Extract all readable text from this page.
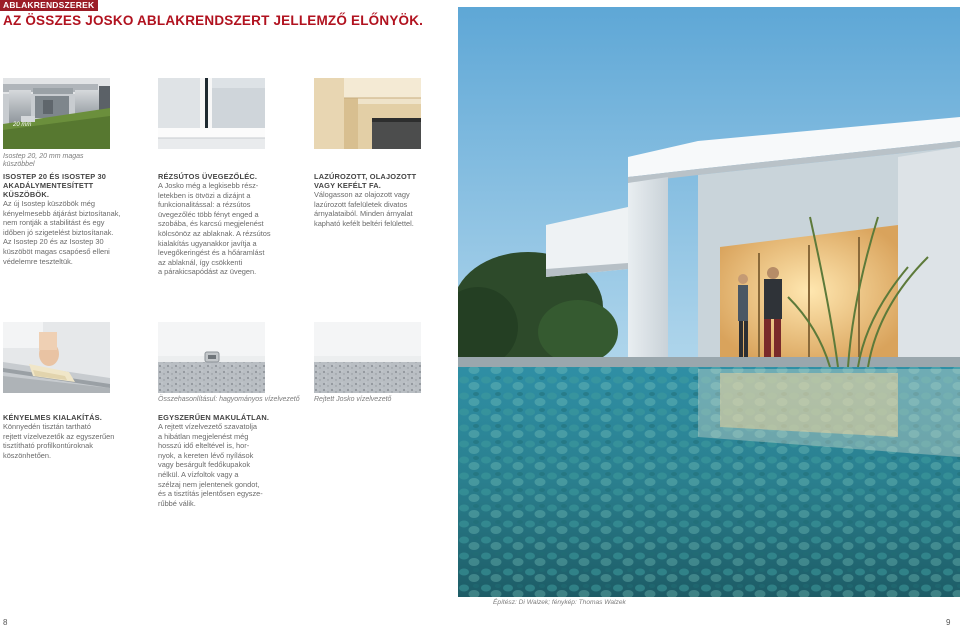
ABLAKRENDSZEREK
AZ ÖSSZES JOSKO ABLAKRENDSZERT JELLEMZŐ ELŐNYÖK.
20 mm
Isostep 20, 20 mm magas
küszöbbel
ISOSTEP 20 ÉS ISOSTEP 30
AKADÁLYMENTESÍTETT
KÜSZÖBÖK.
Az új Isostep küszöbök még
kényelmesebb átjárást biztosítanak,
nem rontják a stabilitást és egy
időben jó szigetelést biztosítanak.
Az Isostep 20 és az Isostep 30
küszöböt magas csapóeső elleni
védelemre teszteltük.
RÉZSÚTOS ÜVEGEZŐLÉC.
A Josko még a legkisebb rész-
letekben is ötvözi a dizájnt a
funkcionalitással: a rézsútos
üvegezőléc több fényt enged a
szobába, és karcsú megjelenést
kölcsönöz az ablaknak. A rézsútos
kialakítás ugyanakkor javítja a
levegőkeringést és a hőáramlást
az ablaknál, így csökkenti
a párakicsapódást az üvegen.
LAZÚROZOTT, OLAJOZOTT
VAGY KEFÉLT FA.
Válogasson az olajozott vagy
lazúrozott fafelületek divatos
árnyalataiból. Minden árnyalat
kapható kefélt beltéri felülettel.
Összehasonlításul: hagyományos vízelvezető Rejtett Josko vízelvezető
KÉNYELMES KIALAKÍTÁS.
Könnyedén tisztán tartható
rejtett vízelvezetők az egyszerűen
tisztítható profilkontúroknak
köszönhetően.
EGYSZERŰEN MAKULÁTLAN.
A rejtett vízelvezető szavatolja
a hibátlan megjelenést még
hosszú idő elteltével is, hor-
nyok, a kereten lévő nyílások
vagy besárgult fedőkupakok
nélkül. A vízfoltok vagy a
szélzaj nem jelentenek gondot,
és a tisztítás jelentősen egysze-
rűbbé válik.
Építész: Di Walzek; fénykép: Thomas Walzek
8	9
